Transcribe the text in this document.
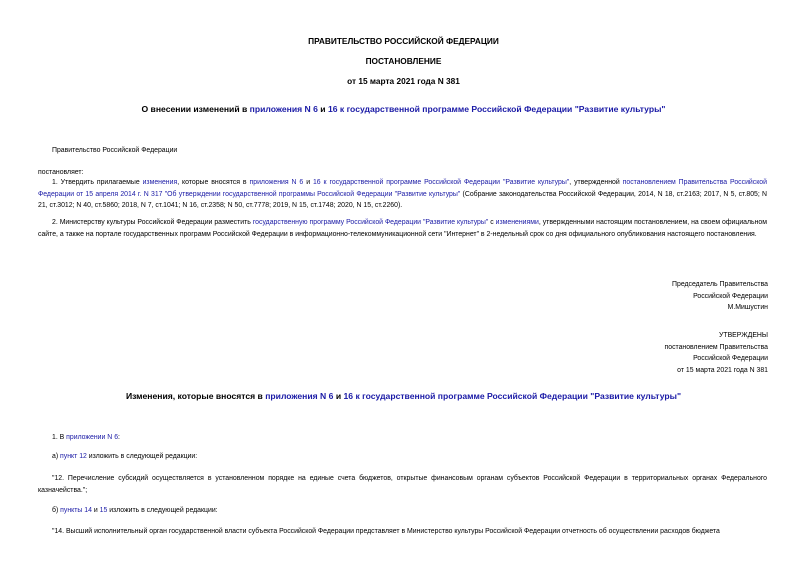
ПРАВИТЕЛЬСТВО РОССИЙСКОЙ ФЕДЕРАЦИИ
ПОСТАНОВЛЕНИЕ
от 15 марта 2021 года N 381
О внесении изменений в приложения N 6 и 16 к государственной программе Российской Федерации "Развитие культуры"
Правительство Российской Федерации
постановляет:
1. Утвердить прилагаемые изменения, которые вносятся в приложения N 6 и 16 к государственной программе Российской Федерации "Развитие культуры", утвержденной постановлением Правительства Российской Федерации от 15 апреля 2014 г. N 317 "Об утверждении государственной программы Российской Федерации "Развитие культуры" (Собрание законодательства Российской Федерации, 2014, N 18, ст.2163; 2017, N 5, ст.805; N 21, ст.3012; N 40, ст.5860; 2018, N 7, ст.1041; N 16, ст.2358; N 50, ст.7778; 2019, N 15, ст.1748; 2020, N 15, ст.2260).
2. Министерству культуры Российской Федерации разместить государственную программу Российской Федерации "Развитие культуры" с изменениями, утвержденными настоящим постановлением, на своем официальном сайте, а также на портале государственных программ Российской Федерации в информационно-телекоммуникационной сети "Интернет" в 2-недельный срок со дня официального опубликования настоящего постановления.
Председатель Правительства
Российской Федерации
М.Мишустин
УТВЕРЖДЕНЫ
постановлением Правительства
Российской Федерации
от 15 марта 2021 года N 381
Изменения, которые вносятся в приложения N 6 и 16 к государственной программе Российской Федерации "Развитие культуры"
1. В приложении N 6:
а) пункт 12 изложить в следующей редакции:
"12. Перечисление субсидий осуществляется в установленном порядке на единые счета бюджетов, открытые финансовым органам субъектов Российской Федерации в территориальных органах Федерального казначейства.";
б) пункты 14 и 15 изложить в следующей редакции:
"14. Высший исполнительный орган государственной власти субъекта Российской Федерации представляет в Министерство культуры Российской Федерации отчетность об осуществлении расходов бюджета
